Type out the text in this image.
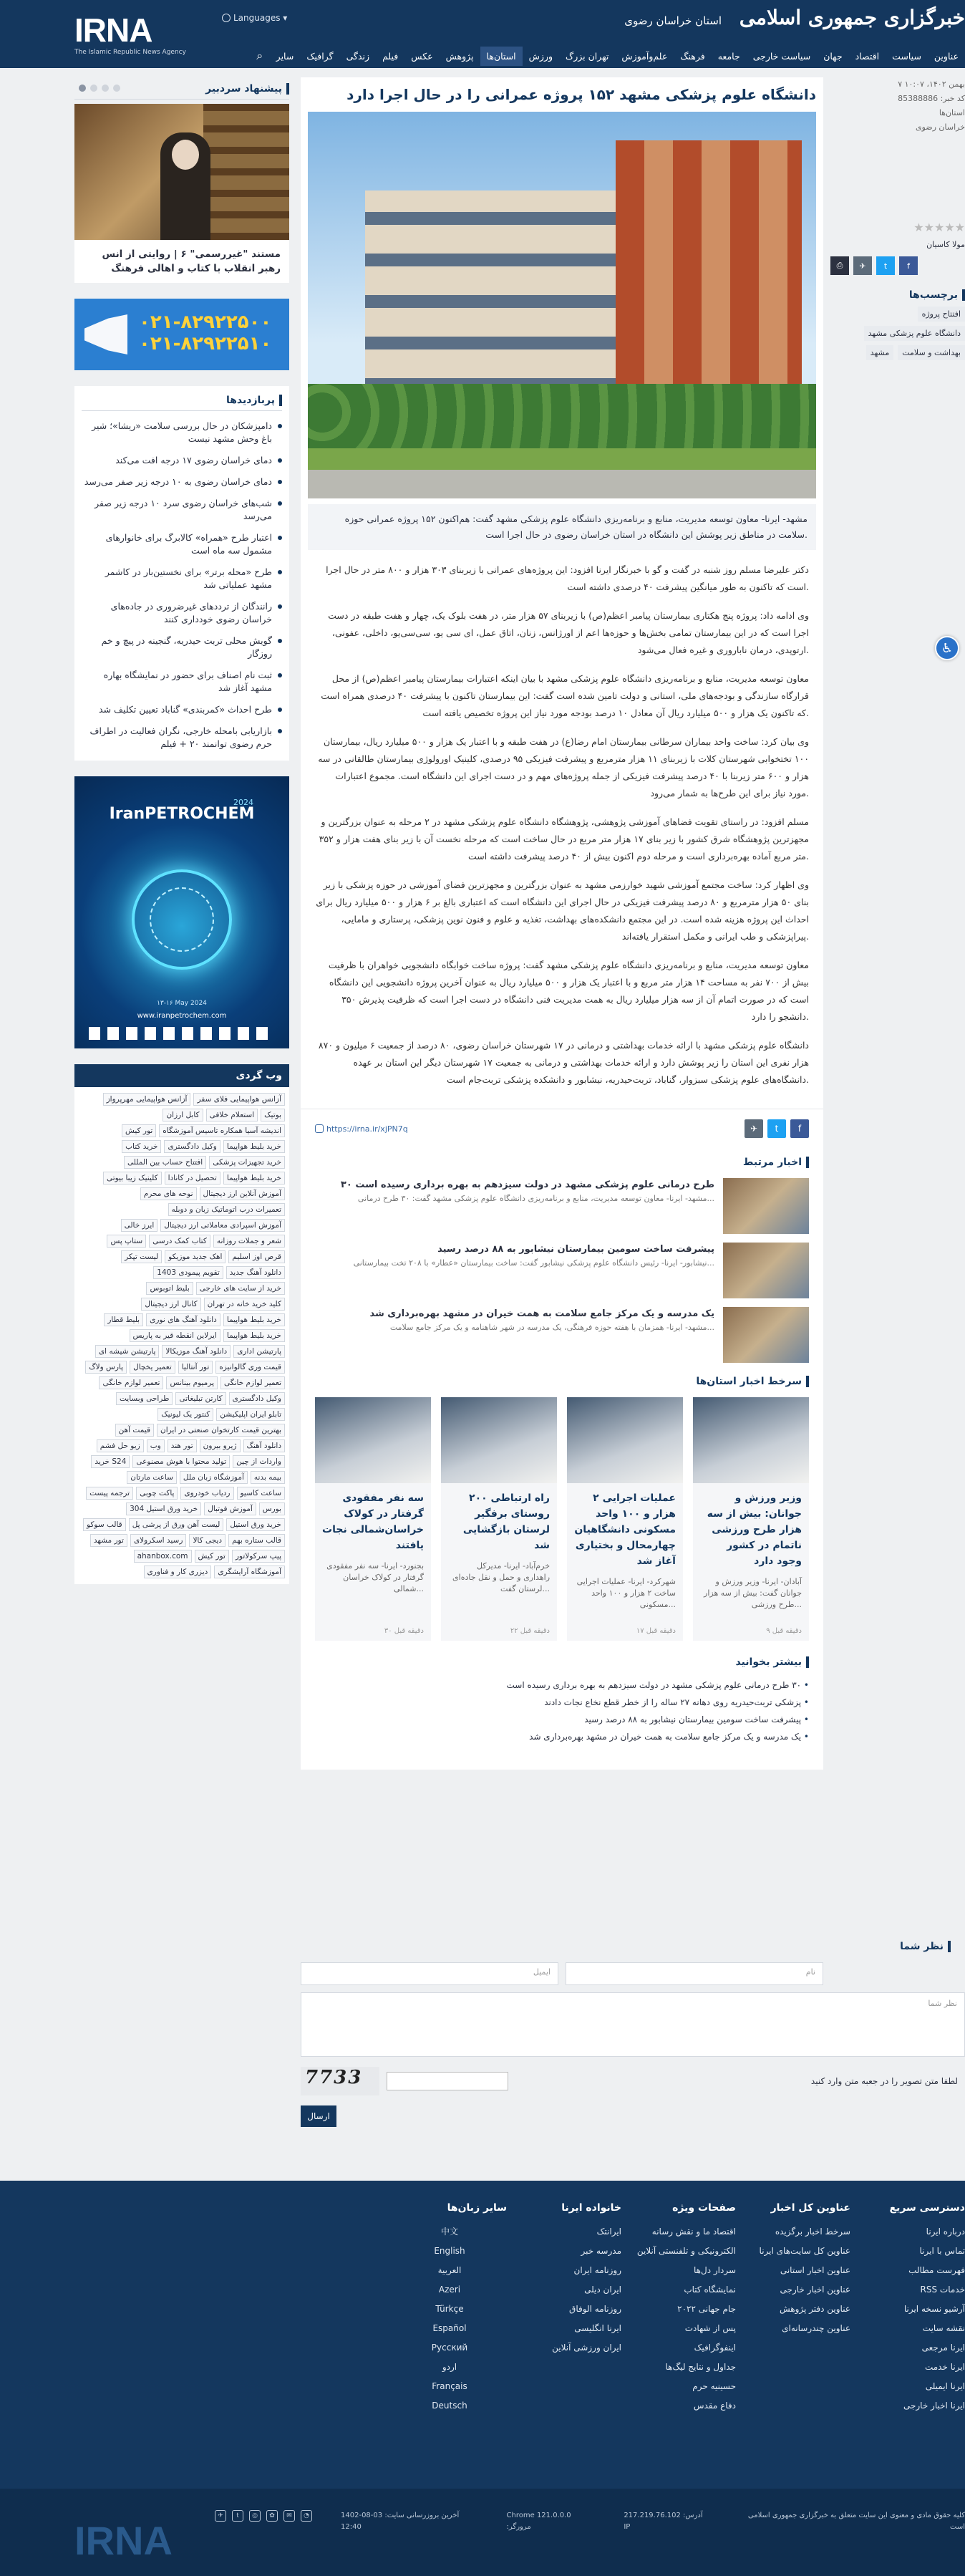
IRNA
The Islamic Republic News Agency
Languages ▾	استان خراسان رضوی خبرگزاری جمهوری اسلامی
عناوین
سیاست
اقتصاد
جهان
سیاست خارجی
جامعه
فرهنگ
علم‌وآموزش
تهران بزرگ
ورزش
استان‌ها
پژوهش
عکس
فیلم
زندگی
گرافیک
سایر
⌕
پیشنهاد سردبیر
مستند "غیررسمی" ۶ | روایتی از انس رهبر انقلاب با کتاب و اهالی فرهنگ
۰۲۱-۸۲۹۲۲۵۰۰
۰۲۱-۸۲۹۲۲۵۱۰
پربازدیدها
دامپزشکان در حال بررسی سلامت «ریشا»؛ شیر باغ وحش مشهد نیست
دمای خراسان رضوی ۱۷ درجه افت می‌کند
دمای خراسان رضوی به ۱۰ درجه زیر صفر می‌رسد
شب‌های خراسان رضوی سرد ۱۰ درجه زیر صفر می‌رسد
اعتبار طرح «همراه» کالابرگ برای خانوارهای مشمول سه ماه است
طرح «محله برتر» برای نخستین‌بار در کاشمر مشهد عملیاتی شد
رانندگان از تردد‌های غیرضروری در جاده‌های خراسان رضوی خودداری کنند
گویش محلی تربت حیدریه، گنجینه در پیچ و خم روزگار
ثبت نام اصناف برای حضور در نمایشگاه بهاره مشهد آغاز شد
طرح احداث «کمربندی» گناباد تعیین تکلیف شد
بازاریابی بامحله خارجی، نگران فعالیت در اطراف حرم رضوی توانمند ۲۰ + فیلم
2024
IranPETROCHEM
۱۳-۱۶ May 2024
www.iranpetrochem.com
وب گردی
آزانس هواپیمایی فلای سفر
آزانس هواپیمایی مهرپرواز
بوتیک
استعلام خلافی
کابل ارزان
اندیشه آسیا همکاره تاسیس آموزشگاه
تور کیش
خرید بلیط هواپیما
وکیل دادگستری
خرید کتاب
خرید تجهیزات پزشکی
افتتاح حساب بین المللی
خرید بلیط هواپیما
تحصیل در کانادا
کلینیک زیبا بیوتی
آموزش آنلاین ارز دیجیتال
نوحه های محرم
تعمیرات درب اتوماتیک زبان و دوبله
آموزش اسپرادی معاملاتی ارز دیجیتال
ایرز خالی
شعر و جملات روزانه
کتاب کمک درسی
ستاپ پس
قرص اوز اسلیم
اهک جدید موزیکو
لیست تپکر
دانلود آهنگ جدید
تقویم پیمودی 1403
خرید از سایت های خارجی
بلیط اتوبوس
کلید خرید خانه در تهران
کانال ارز دیجیتال
خرید بلیط هواپیما
دانلود آهنگ های نوری
بلیط قطار
خرید بلیط هواپیما
ایرلاین انقطه قیر به پاریس
پارتیشن اداری
دانلود آهنگ موزیکالا
پارتیشن شیشه ای
قیمت وری گالوانیزه
تور آنتالیا
تعمیر یخچال
پارس ولاگ
تعمیر لوازم خانگی
پرمیوم بینانس
تعمیر لوازم خانگی
وکیل دادگستری
کارتن تبلیغاتی
طراحی وبسایت
تابلو ایران اپلیکیشن
کنتور یک لیونیک
بهترین قیمت کارتخوان صنعتی در ایران
قیمت آهن
دانلود آهنگ
ژیرو بیرون
تور هند
وب
زیو حل فشم
واردات از چین
تولید محتوا با هوش مصنوعی
خرید S24
بیمه بدنه
آموزشگاه زبان ملل
ساعت مارتان
ساعت کاسیو
ردیاب خودروی
پاکت چوبی
ترجمه پیست
بورس
آموزش فوتبال
خرید ورق استیل 304
خرید ورق استیل
لیست آهن ورق از پرشی پل
قالب سوکو
قالب ستاره بهم
دیجی کالا
رسید اسکرولای
تور مشهد
پیپ سرکولاتور
تور کیش
ahanbox.com
آموزشگاه آرایشگری
دیزری کار و فناوری
دانشگاه علوم پزشکی مشهد ۱۵۲ پروژه عمرانی را در حال اجرا دارد
مشهد- ایرنا- معاون توسعه مدیریت، منابع و برنامه‌ریزی دانشگاه علوم پزشکی مشهد گفت: هم‌اکنون ۱۵۲ پروژه عمرانی حوزه سلامت در مناطق زیر پوشش این دانشگاه در استان خراسان رضوی در حال اجرا است.

دکتر علیرضا مسلم روز شنبه در گفت و گو با خبرنگار ایرنا افزود: این پروژه‌های عمرانی با زیربنای ۳۰۳ هزار و ۸۰۰ متر در حال اجرا است که تاکنون به طور میانگین پیشرفت ۴۰ درصدی داشته است.

وی ادامه داد: پروژه پنج هکتاری بیمارستان پیامبر اعظم(ص) با زیربنای ۵۷ هزار متر، در هفت بلوک یک، چهار و هفت طبقه در دست اجرا است که در این بیمارستان تمامی بخش‌ها و حوزه‌ها اعم از اورژانس، زنان، اتاق عمل، ای سی یو، سی‌سی‌یو، داخلی، عفونی، ارتوپدی، درمان ناباروری و غیره فعال می‌شود.

معاون توسعه مدیریت، منابع و برنامه‌ریزی دانشگاه علوم پزشکی مشهد با بیان اینکه اعتبارات بیمارستان پیامبر اعظم(ص) از محل قرارگاه سازندگی و بودجه‌های ملی، استانی و دولت تامین شده است گفت: این بیمارستان تاکنون با پیشرفت ۴۰ درصدی همراه است که تاکنون یک هزار و ۵۰۰ میلیارد ریال آن معادل ۱۰ درصد بودجه مورد نیاز این پروژه تخصیص یافته است.

وی بیان کرد: ساخت واحد بیماران سرطانی بیمارستان امام رضا(ع) در هفت طبقه و با اعتبار یک هزار و ۵۰۰ میلیارد ریال، بیمارستان ۱۰۰ تختخوابی شهرستان کلات با زیربنای ۱۱ هزار مترمربع و پیشرفت فیزیکی ۹۵ درصدی، کلینیک اورولوژی بیمارستان طالقانی در سه هزار و ۶۰۰ متر زیربنا با ۴۰ درصد پیشرفت فیزیکی از جمله پروژه‌های مهم و در دست اجرای این دانشگاه است. مجموع اعتبارات مورد نیاز برای این طرح‌ها به شمار می‌رود.

مسلم افزود: در راستای تقویت فضاهای آموزشی پژوهشی، پژوهشگاه دانشگاه علوم پزشکی مشهد در ۲ مرحله به عنوان بزرگترین و مجهزترین پژوهشگاه شرق کشور با زیر بنای ۱۷ هزار متر مربع در حال ساخت است که مرحله نخست آن با زیر بنای هفت هزار و ۳۵۲ متر مربع آماده بهره‌برداری است و مرحله دوم اکنون بیش از ۴۰ درصد پیشرفت داشته است.

وی اظهار کرد: ساخت مجتمع آموزشی شهید خوارزمی مشهد به عنوان بزرگترین و مجهزترین فضای آموزشی در حوزه پزشکی با زیر بنای ۵۰ هزار مترمربع و ۸۰ درصد پیشرفت فیزیکی در حال اجرای این دانشگاه است که اعتباری بالغ بر ۶ هزار و ۵۰۰ میلیارد ریال برای احداث این پروژه هزینه شده است. در این مجتمع دانشکده‌های بهداشت، تغذیه و علوم و فنون نوین پزشکی، پرستاری و مامایی، پیراپزشکی و طب ایرانی و مکمل استقرار یافته‌اند.

معاون توسعه مدیریت، منابع و برنامه‌ریزی دانشگاه علوم پزشکی مشهد گفت: پروژه ساخت خوابگاه دانشجویی خواهران با ظرفیت بیش از ۷۰۰ نفر به مساحت ۱۴ هزار متر مربع و با اعتبار یک هزار و ۵۰۰ میلیارد ریال به عنوان آخرین پروژه دانشجویی این دانشگاه است که در صورت اتمام آن از سه هزار میلیارد ریال به همت مدیریت فنی دانشگاه در دست اجرا است که ظرفیت پذیرش ۳۵۰ دانشجو را دارد.

دانشگاه علوم پزشکی مشهد با ارائه خدمات بهداشتی و درمانی در ۱۷ شهرستان خراسان رضوی، ۸۰ درصد از جمعیت ۶ میلیون و ۸۷۰ هزار نفری این استان را زیر پوشش دارد و ارائه خدمات بهداشتی و درمانی به جمعیت ۱۷ شهرستان دیگر این استان بر عهده دانشگاه‌های علوم پزشکی سبزوار، گناباد، تربت‌حیدریه، نیشابور و دانشکده پزشکی تربت‌جام است.

https://irna.ir/xjPN7q	✈	t	f
اخبار مرتبط
۳۰ طرح درمانی علوم پزشکی مشهد در دولت سیزدهم به بهره برداری رسیده است
مشهد- ایرنا- معاون توسعه مدیریت، منابع و برنامه‌ریزی دانشگاه علوم پزشکی مشهد گفت: ۳۰ طرح درمانی...
پیشرفت ساخت سومین بیمارستان نیشابور به ۸۸ درصد رسید
نیشابور- ایرنا- رئیس دانشگاه علوم پزشکی نیشابور گفت: ساخت بیمارستان «عطار» با ۲۰۸ تخت بیمارستانی...
یک مدرسه و یک مرکز جامع سلامت به همت خیران در مشهد بهره‌برداری شد
مشهد- ایرنا- همزمان با هفته حوزه فرهنگی، یک مدرسه در شهر شاهنامه و یک مرکز جامع سلامت...
سرخط اخبار استان‌ها
وزیر ورزش و جوانان: بیش از سه هزار طرح ورزشی ناتمام در کشور وجود دارد
آبادان- ایرنا- وزیر ورزش و جوانان گفت: بیش از سه هزار طرح ورزشی...
۹ دقیقه قبل
عملیات اجرایی ۲ هزار و ۱۰۰ واحد مسکونی دانشگاهیان چهارمحال و بختیاری آغاز شد
شهرکرد- ایرنا- عملیات اجرایی ساخت ۲ هزار و ۱۰۰ واحد مسکونی...
۱۷ دقیقه قبل
راه ارتباطی ۲۰۰ روستای برفگیر لرستان بازگشایی شد
خرم‌آباد- ایرنا- مدیرکل راهداری و حمل و نقل جاده‌ای لرستان گفت...
۲۲ دقیقه قبل
سه نفر مفقودی گرفتار در کولاک خراسان‌شمالی نجات یافتند
بجنورد- ایرنا- سه نفر مفقودی گرفتار در کولاک خراسان شمالی...
۳۰ دقیقه قبل
بیشتر بخوانید
• ۳۰ طرح درمانی علوم پزشکی مشهد در دولت سیزدهم به بهره برداری رسیده است
• پزشکی تربت‌حیدریه روی دهانه ۲۷ ساله را از خطر قطع نخاع نجات دادند
• پیشرفت ساخت سومین بیمارستان نیشابور به ۸۸ درصد رسید
• یک مدرسه و یک مرکز جامع سلامت به همت خیران در مشهد بهره‌برداری شد
۷ بهمن ۱۴۰۲، ۱۰:۰۷
کد خبر: 85388886
استان‌ها
خراسان رضوی
★★★★★
مولا کاسیان
⎙	✈	t	f
برچسب‌ها
افتتاح پروژه
دانشگاه علوم پزشکی مشهد
بهداشت و سلامت
مشهد
♿
نظر شما
ایمیل	نام
نظر شما
7733	لطفا متن تصویر را در جعبه متن وارد کنید
ارسال
دسترسی سریع
درباره ایرنا
تماس با ایرنا
فهرست مطالب
RSS خدمات
آرشیو نسخه ایرنا
نقشه سایت
ایرنا مرجعی
ایرنا خدمت
ایرنا ایمیلی
ایرنا اخبار خارجی
عناوین کل اخبار
سرخط اخبار برگزیده
عناوین کل سایت‌های ایرنا
عناوین اخبار استانی
عناوین اخبار خارجی
عناوین دفتر پژوهش
عناوین چندرسانه‌ای
صفحات ویژه
اقتصاد ما و نقش رسانه
الکترونیکی و تلفنستی آنلاین
سردار دل‌ها
نمایشگاه کتاب
جام جهانی ۲۰۲۲
پس از شهادت
اینفوگرافیک
جداول و نتایج لیگ‌ها
حسینیه حرم
دفاع مقدس
خانواده ایرنا
ایرانتک
مدرسه خبر
روزنامه ایران
ایران دیلی
روزنامه الوفاق
ایرنا انگلیسی
ایران ورزشی آنلاین
سایر زبان‌ها
中文
English
العربية
Azeri
Türkçe
Español
Русский
اردو
Français
Deutsch
IRNA
کلیه حقوق مادی و معنوی این سایت متعلق به خبرگزاری جمهوری اسلامی است
217.219.76.102 :آدرس IP
Chrome 121.0.0.0 :مرورگر
آخرین بروزرسانی سایت: 03-08-1402 12:40
✈	t	◎	✿	✉	◔
